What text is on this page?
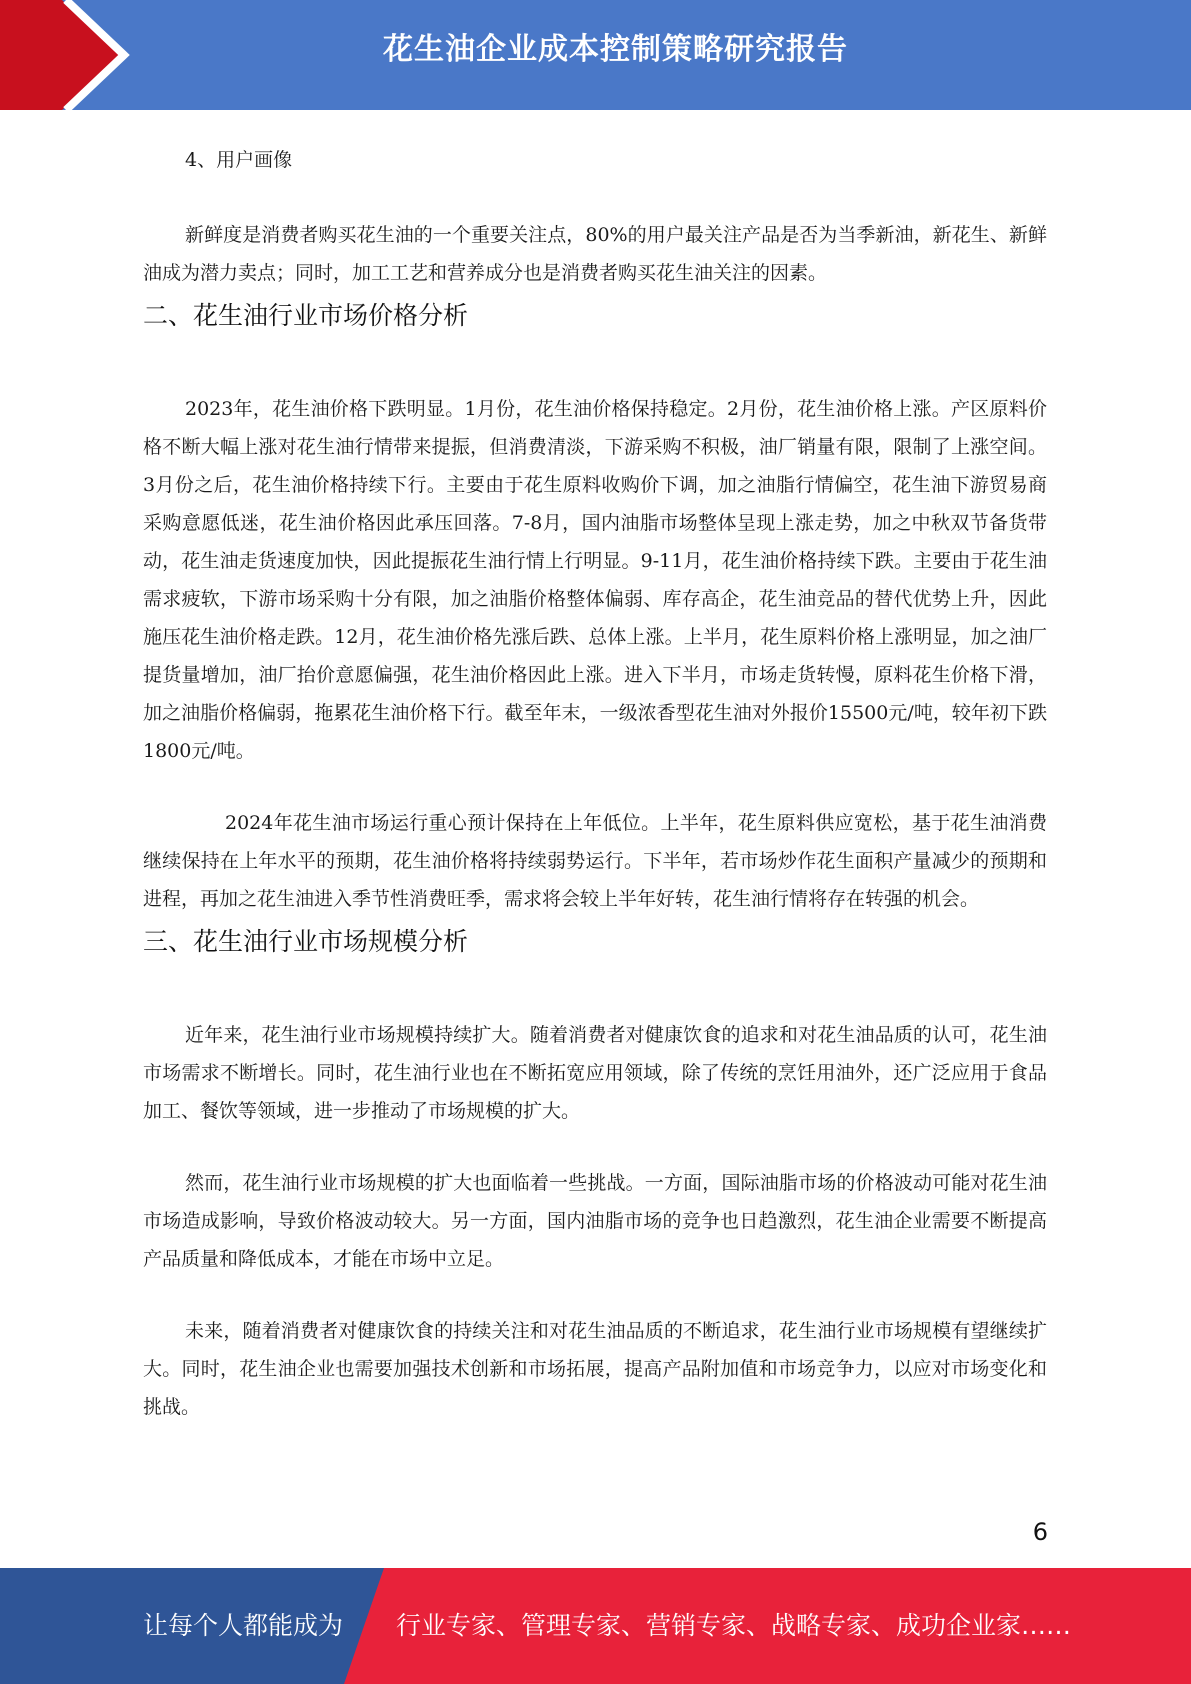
花生油企业成本控制策略研究报告
4、用户画像

新鲜度是消费者购买花生油的一个重要关注点，80%的用户最关注产品是否为当季新油，新花生、新鲜油成为潜力卖点；同时，加工工艺和营养成分也是消费者购买花生油关注的因素。

二、花生油行业市场价格分析

2023年，花生油价格下跌明显。1月份，花生油价格保持稳定。2月份，花生油价格上涨。产区原料价格不断大幅上涨对花生油行情带来提振，但消费清淡，下游采购不积极，油厂销量有限，限制了上涨空间。3月份之后，花生油价格持续下行。主要由于花生原料收购价下调，加之油脂行情偏空，花生油下游贸易商采购意愿低迷，花生油价格因此承压回落。7-8月，国内油脂市场整体呈现上涨走势，加之中秋双节备货带动，花生油走货速度加快，因此提振花生油行情上行明显。9-11月，花生油价格持续下跌。主要由于花生油需求疲软，下游市场采购十分有限，加之油脂价格整体偏弱、库存高企，花生油竞品的替代优势上升，因此施压花生油价格走跌。12月，花生油价格先涨后跌、总体上涨。上半月，花生原料价格上涨明显，加之油厂提货量增加，油厂抬价意愿偏强，花生油价格因此上涨。进入下半月，市场走货转慢，原料花生价格下滑，加之油脂价格偏弱，拖累花生油价格下行。截至年末，一级浓香型花生油对外报价15500元/吨，较年初下跌1800元/吨。

2024年花生油市场运行重心预计保持在上年低位。上半年，花生原料供应宽松，基于花生油消费继续保持在上年水平的预期，花生油价格将持续弱势运行。下半年，若市场炒作花生面积产量减少的预期和进程，再加之花生油进入季节性消费旺季，需求将会较上半年好转，花生油行情将存在转强的机会。

三、花生油行业市场规模分析

近年来，花生油行业市场规模持续扩大。随着消费者对健康饮食的追求和对花生油品质的认可，花生油市场需求不断增长。同时，花生油行业也在不断拓宽应用领域，除了传统的烹饪用油外，还广泛应用于食品加工、餐饮等领域，进一步推动了市场规模的扩大。

然而，花生油行业市场规模的扩大也面临着一些挑战。一方面，国际油脂市场的价格波动可能对花生油市场造成影响，导致价格波动较大。另一方面，国内油脂市场的竞争也日趋激烈，花生油企业需要不断提高产品质量和降低成本，才能在市场中立足。

未来，随着消费者对健康饮食的持续关注和对花生油品质的不断追求，花生油行业市场规模有望继续扩大。同时，花生油企业也需要加强技术创新和市场拓展，提高产品附加值和市场竞争力，以应对市场变化和挑战。

6
让每个人都能成为 行业专家、管理专家、营销专家、战略专家、成功企业家……
